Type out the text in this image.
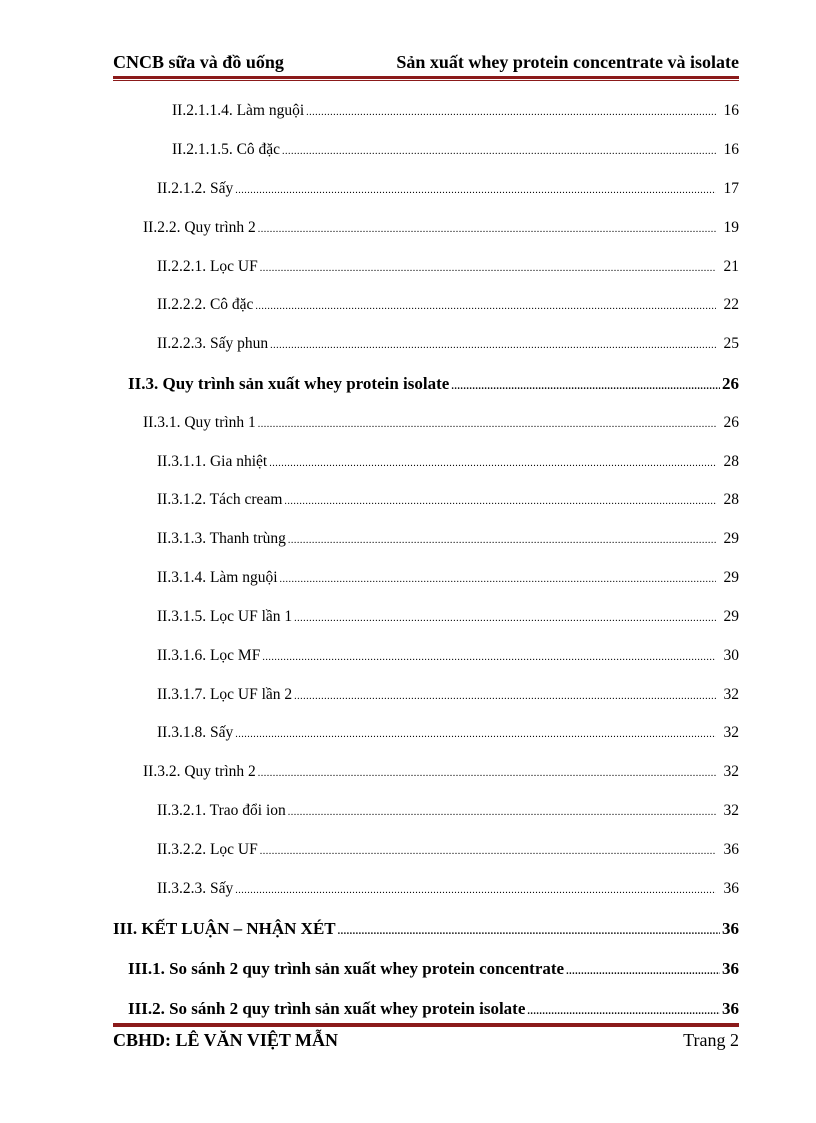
CNCB sữa và đồ uống	Sản xuất whey protein concentrate và isolate
II.2.1.1.4. Làm nguội .....	16
II.2.1.1.5. Cô đặc .....	16
II.2.1.2. Sấy .....	17
II.2.2. Quy trình 2 .....	19
II.2.2.1. Lọc UF .....	21
II.2.2.2. Cô đặc .....	22
II.2.2.3. Sấy phun .....	25
II.3. Quy trình sản xuất whey protein isolate .....	26
II.3.1. Quy trình 1 .....	26
II.3.1.1. Gia nhiệt .....	28
II.3.1.2. Tách cream .....	28
II.3.1.3. Thanh trùng .....	29
II.3.1.4. Làm nguội .....	29
II.3.1.5. Lọc UF lần 1 .....	29
II.3.1.6. Lọc MF .....	30
II.3.1.7. Lọc UF lần 2 .....	32
II.3.1.8. Sấy .....	32
II.3.2. Quy trình 2 .....	32
II.3.2.1. Trao đổi ion .....	32
II.3.2.2. Lọc UF .....	36
II.3.2.3. Sấy .....	36
III. KẾT LUẬN – NHẬN XÉT .....	36
III.1. So sánh 2 quy trình sản xuất whey protein concentrate .....	36
III.2. So sánh 2 quy trình sản xuất whey protein isolate .....	36
CBHD: LÊ VĂN VIỆT MẪN	Trang 2
